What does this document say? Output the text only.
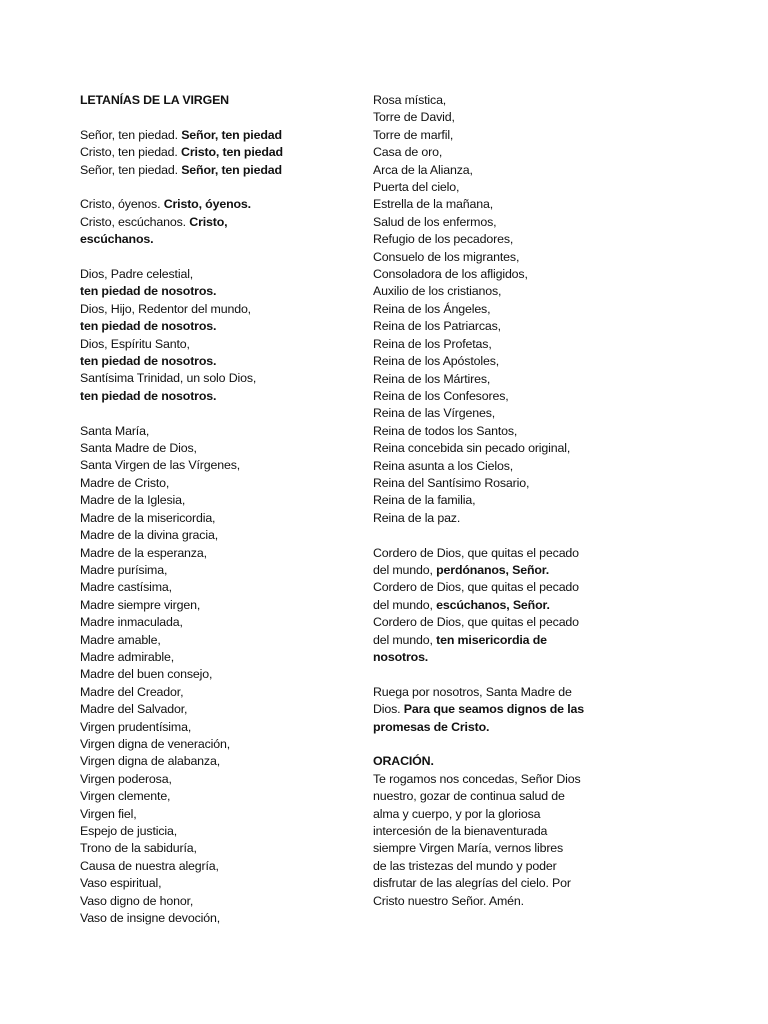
LETANÍAS DE LA VIRGEN
Señor, ten piedad. Señor, ten piedad
Cristo, ten piedad. Cristo, ten piedad
Señor, ten piedad. Señor, ten piedad
Cristo, óyenos. Cristo, óyenos.
Cristo, escúchanos. Cristo,
escúchanos.
Dios, Padre celestial,
ten piedad de nosotros.
Dios, Hijo, Redentor del mundo,
ten piedad de nosotros.
Dios, Espíritu Santo,
ten piedad de nosotros.
Santísima Trinidad, un solo Dios,
ten piedad de nosotros.
Santa María,
Santa Madre de Dios,
Santa Virgen de las Vírgenes,
Madre de Cristo,
Madre de la Iglesia,
Madre de la misericordia,
Madre de la divina gracia,
Madre de la esperanza,
Madre purísima,
Madre castísima,
Madre siempre virgen,
Madre inmaculada,
Madre amable,
Madre admirable,
Madre del buen consejo,
Madre del Creador,
Madre del Salvador,
Virgen prudentísima,
Virgen digna de veneración,
Virgen digna de alabanza,
Virgen poderosa,
Virgen clemente,
Virgen fiel,
Espejo de justicia,
Trono de la sabiduría,
Causa de nuestra alegría,
Vaso espiritual,
Vaso digno de honor,
Vaso de insigne devoción,
Rosa mística,
Torre de David,
Torre de marfil,
Casa de oro,
Arca de la Alianza,
Puerta del cielo,
Estrella de la mañana,
Salud de los enfermos,
Refugio de los pecadores,
Consuelo de los migrantes,
Consoladora de los afligidos,
Auxilio de los cristianos,
Reina de los Ángeles,
Reina de los Patriarcas,
Reina de los Profetas,
Reina de los Apóstoles,
Reina de los Mártires,
Reina de los Confesores,
Reina de las Vírgenes,
Reina de todos los Santos,
Reina concebida sin pecado original,
Reina asunta a los Cielos,
Reina del Santísimo Rosario,
Reina de la familia,
Reina de la paz.
Cordero de Dios, que quitas el pecado
del mundo, perdónanos, Señor.
Cordero de Dios, que quitas el pecado
del mundo, escúchanos, Señor.
Cordero de Dios, que quitas el pecado
del mundo, ten misericordia de
nosotros.
Ruega por nosotros, Santa Madre de
Dios. Para que seamos dignos de las
promesas de Cristo.
ORACIÓN.
Te rogamos nos concedas, Señor Dios
nuestro, gozar de continua salud de
alma y cuerpo, y por la gloriosa
intercesión de la bienaventurada
siempre Virgen María, vernos libres
de las tristezas del mundo y poder
disfrutar de las alegrías del cielo. Por
Cristo nuestro Señor. Amén.
